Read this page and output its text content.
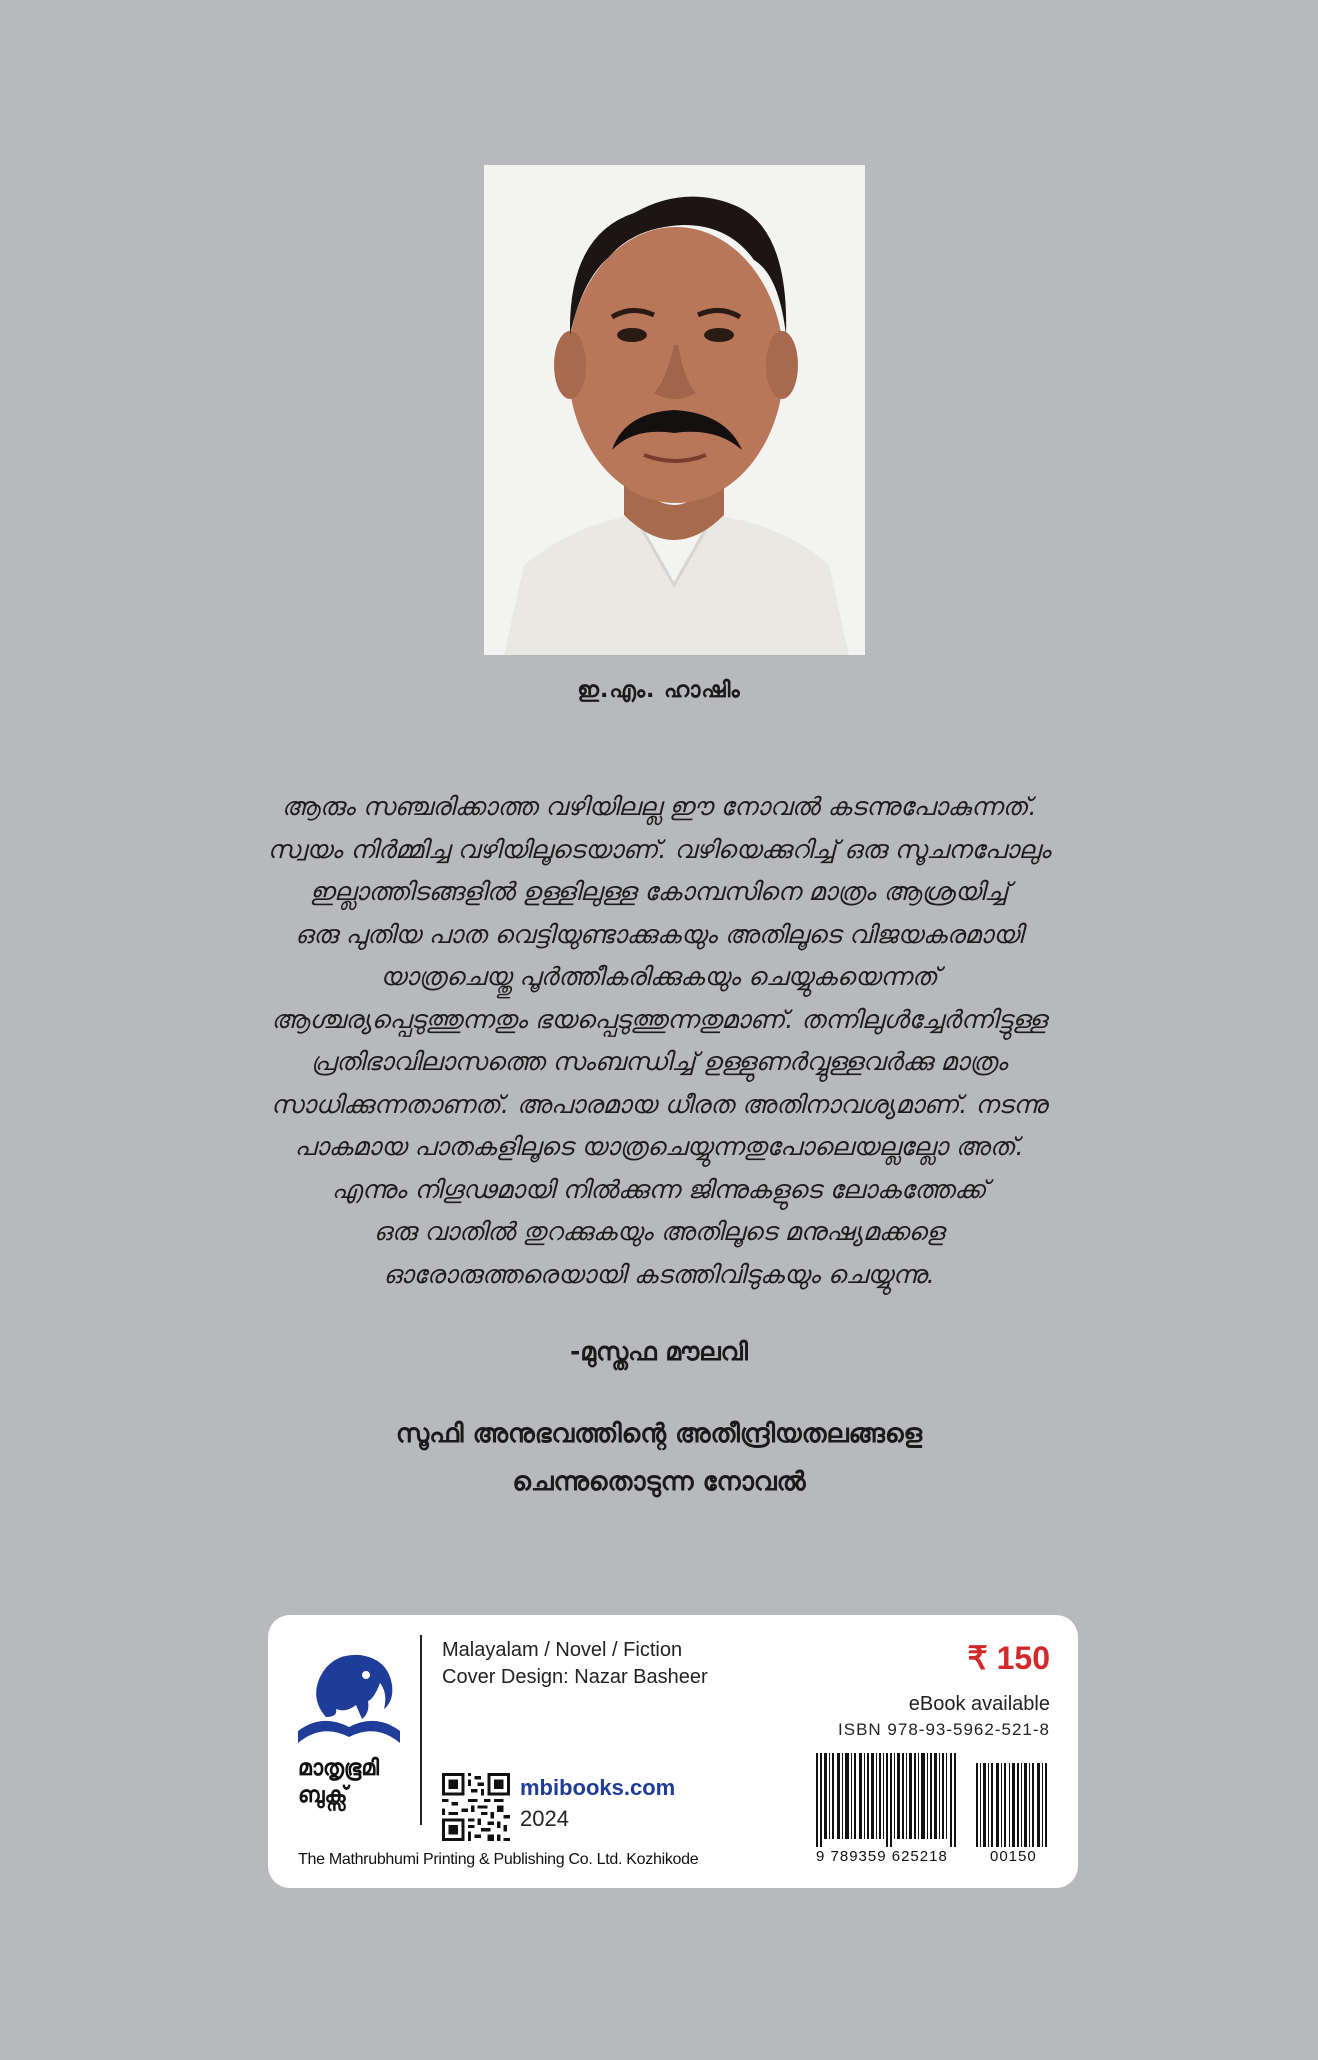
ഇ.എം. ഹാഷിം
ആരും സഞ്ചരിക്കാത്ത വഴിയിലല്ല ഈ നോവൽ കടന്നുപോകുന്നത്.
സ്വയം നിർമ്മിച്ച വഴിയിലൂടെയാണ്. വഴിയെക്കുറിച്ച് ഒരു സൂചനപോലും
ഇല്ലാത്തിടങ്ങളിൽ ഉള്ളിലുള്ള കോമ്പസിനെ മാത്രം ആശ്രയിച്ച്
ഒരു പുതിയ പാത വെട്ടിയുണ്ടാക്കുകയും അതിലൂടെ വിജയകരമായി
യാത്രചെയ്തു പൂർത്തീകരിക്കുകയും ചെയ്യുകയെന്നത്
ആശ്ചര്യപ്പെടുത്തുന്നതും ഭയപ്പെടുത്തുന്നതുമാണ്. തന്നിലുൾച്ചേർന്നിട്ടുള്ള
പ്രതിഭാവിലാസത്തെ സംബന്ധിച്ച് ഉള്ളുണർവ്വുള്ളവർക്കു മാത്രം
സാധിക്കുന്നതാണത്. അപാരമായ ധീരത അതിനാവശ്യമാണ്. നടന്നു
പാകമായ പാതകളിലൂടെ യാത്രചെയ്യുന്നതുപോലെയല്ലല്ലോ അത്.
എന്നും നിഗൂഢമായി നിൽക്കുന്ന ജിന്നുകളുടെ ലോകത്തേക്ക്
ഒരു വാതിൽ തുറക്കുകയും അതിലൂടെ മനുഷ്യമക്കളെ
ഓരോരുത്തരെയായി കടത്തിവിടുകയും ചെയ്യുന്നു.
-മുസ്തഫ മൗലവി
സൂഫി അനുഭവത്തിന്റെ അതീന്ദ്രിയതലങ്ങളെ
ചെന്നുതൊടുന്ന നോവൽ
മാതൃഭൂമി
ബുക്സ്
Malayalam / Novel / Fiction
Cover Design: Nazar Basheer
₹ 150
eBook available
ISBN 978-93-5962-521-8
mbibooks.com
2024
The Mathrubhumi Printing & Publishing Co. Ltd. Kozhikode	9 789359 625218	00150
